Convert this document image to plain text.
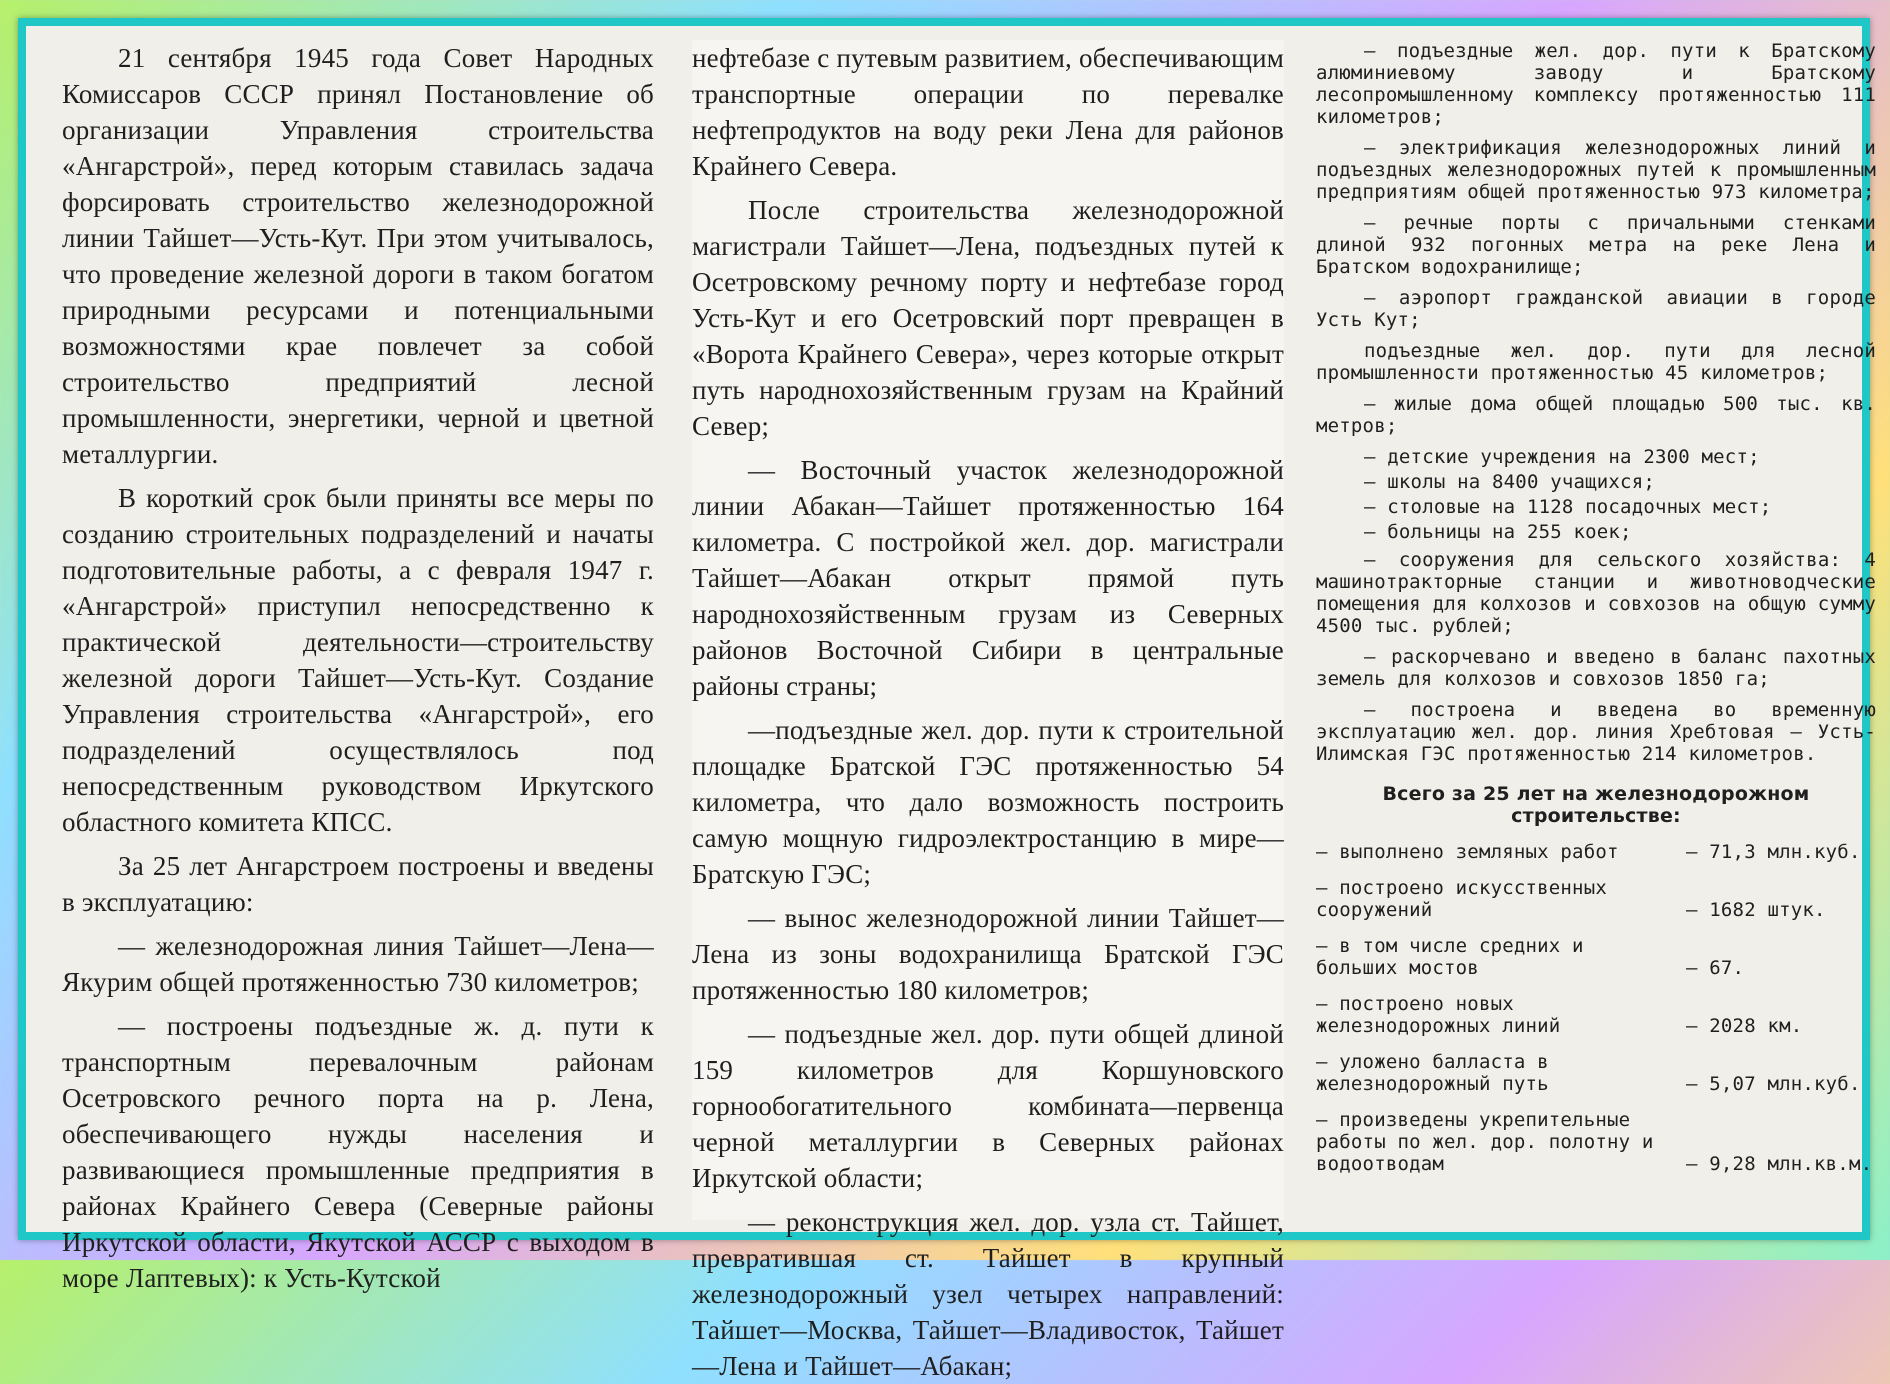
21 сентября 1945 года Совет Народных Комиссаров СССР принял Постановление об организации Управления строительства «Ангарстрой», перед которым ставилась задача форсировать строительство железнодорожной линии Тайшет—Усть-Кут. При этом учитывалось, что проведение железной дороги в таком богатом природными ресурсами и потенциальными возможностями крае повлечет за собой строительство предприятий лесной промышленности, энергетики, черной и цветной металлургии.

В короткий срок были приняты все меры по созданию строительных подразделений и начаты подготовительные работы, а с февраля 1947 г. «Ангарстрой» приступил непосредственно к практической деятельности—строительству железной дороги Тайшет—Усть-Кут. Создание Управления строительства «Ангарстрой», его подразделений осуществлялось под непосредственным руководством Иркутского областного комитета КПСС.

За 25 лет Ангарстроем построены и введены в эксплуатацию:

— железнодорожная линия Тайшет—Лена—Якурим общей протяженностью 730 километров;

— построены подъездные ж. д. пути к транспортным перевалочным районам Осетровского речного порта на р. Лена, обеспечивающего нужды населения и развивающиеся промышленные предприятия в районах Крайнего Севера (Северные районы Иркутской области, Якутской АССР с выходом в море Лаптевых): к Усть-Кутской

нефтебазе с путевым развитием, обеспечивающим транспортные операции по перевалке нефтепродуктов на воду реки Лена для районов Крайнего Севера.

После строительства железнодорожной магистрали Тайшет—Лена, подъездных путей к Осетровскому речному порту и нефтебазе город Усть-Кут и его Осетровский порт превращен в «Ворота Крайнего Севера», через которые открыт путь народнохозяйственным грузам на Крайний Север;

— Восточный участок железнодорожной линии Абакан—Тайшет протяженностью 164 километра. С постройкой жел. дор. магистрали Тайшет—Абакан открыт прямой путь народнохозяйственным грузам из Северных районов Восточной Сибири в центральные районы страны;

—подъездные жел. дор. пути к строительной площадке Братской ГЭС протяженностью 54 километра, что дало возможность построить самую мощную гидроэлектростанцию в мире—Братскую ГЭС;

— вынос железнодорожной линии Тайшет—Лена из зоны водохранилища Братской ГЭС протяженностью 180 километров;

— подъездные жел. дор. пути общей длиной 159 километров для Коршуновского горнообогатительного комбината—первенца черной металлургии в Северных районах Иркутской области;

— реконструкция жел. дор. узла ст. Тайшет, превратившая ст. Тайшет в крупный железнодорожный узел четырех направлений: Тайшет—Москва, Тайшет—Владивосток, Тайшет—Лена и Тайшет—Абакан;

— подъездные жел. дор. пути к Братскому алюминиевому заводу и Братскому лесопромышленному комплексу протяженностью 111 километров;

— электрификация железнодорожных линий и подъездных железнодорожных путей к промышленным предприятиям общей протяженностью 973 километра;

— речные порты с причальными стенками длиной 932 погонных метра на реке Лена и Братском водохранилище;

— аэропорт гражданской авиации в городе Усть Кут;

подъездные жел. дор. пути для лесной промышленности протяженностью 45 километров;

— жилые дома общей площадью 500 тыс. кв. метров;

— детские учреждения на 2300 мест;

— школы на 8400 учащихся;

— столовые на 1128 посадочных мест;

— больницы на 255 коек;

— сооружения для сельского хозяйства: 4 машинотракторные станции и животноводческие помещения для колхозов и совхозов на общую сумму 4500 тыс. рублей;

— раскорчевано и введено в баланс пахотных земель для колхозов и совхозов 1850 га;

— построена и введена во временную эксплуатацию жел. дор. линия Хребтовая — Усть-Илимская ГЭС протяженностью 214 километров.

Всего за 25 лет на железнодорожном строительстве:
— выполнено земляных работ	— 71,3 млн.куб.
— построено искусственных сооружений	— 1682 штук.
— в том числе средних и больших мостов	— 67.
— построено новых железнодорожных линий	— 2028 км.
— уложено балласта в железнодорожный путь	— 5,07 млн.куб.
— произведены укрепительные работы по жел. дор. полотну и водоотводам	— 9,28 млн.кв.м.
